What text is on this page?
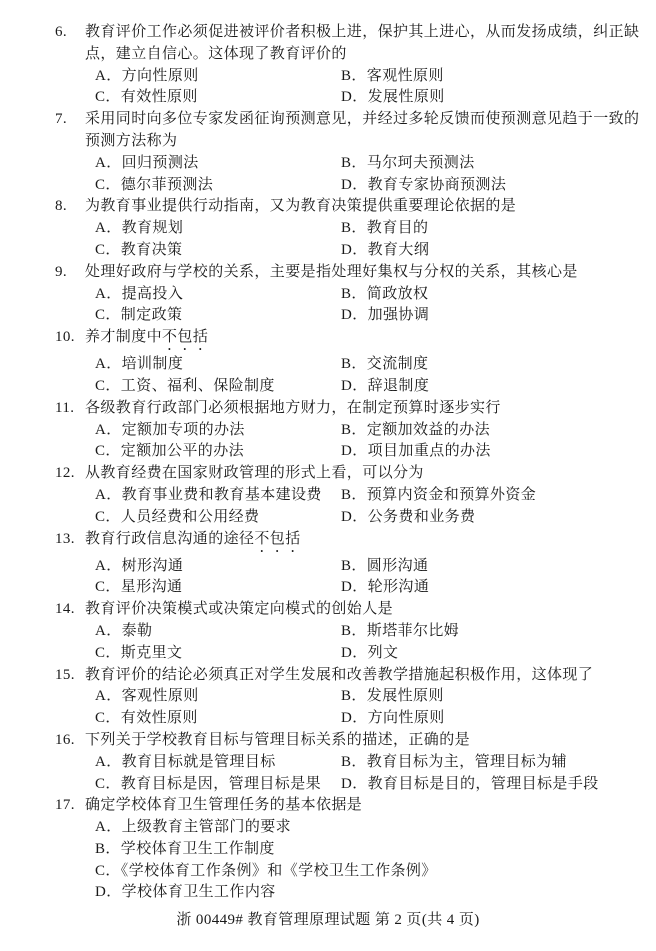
6.	教育评价工作必须促进被评价者积极上进，保护其上进心，从而发扬成绩，纠正缺点，建立自信心。这体现了教育评价的
A．方向性原则	B．客观性原则
C．有效性原则	D．发展性原则
7.	采用同时向多位专家发函征询预测意见，并经过多轮反馈而使预测意见趋于一致的预测方法称为
A．回归预测法	B．马尔珂夫预测法
C．德尔菲预测法	D．教育专家协商预测法
8.	为教育事业提供行动指南，又为教育决策提供重要理论依据的是
A．教育规划	B．教育目的
C．教育决策	D．教育大纲
9.	处理好政府与学校的关系，主要是指处理好集权与分权的关系，其核心是
A．提高投入	B．简政放权
C．制定政策	D．加强协调
10. 养才制度中不包括
A．培训制度	B．交流制度
C．工资、福利、保险制度	D．辞退制度
11. 各级教育行政部门必须根据地方财力，在制定预算时逐步实行
A．定额加专项的办法	B．定额加效益的办法
C．定额加公平的办法	D．项目加重点的办法
12. 从教育经费在国家财政管理的形式上看，可以分为
A．教育事业费和教育基本建设费	B．预算内资金和预算外资金
C．人员经费和公用经费	D．公务费和业务费
13. 教育行政信息沟通的途径不包括
A．树形沟通	B．圆形沟通
C．星形沟通	D．轮形沟通
14. 教育评价决策模式或决策定向模式的创始人是
A．泰勒	B．斯塔菲尔比姆
C．斯克里文	D．列文
15. 教育评价的结论必须真正对学生发展和改善教学措施起积极作用，这体现了
A．客观性原则	B．发展性原则
C．有效性原则	D．方向性原则
16. 下列关于学校教育目标与管理目标关系的描述，正确的是
A．教育目标就是管理目标	B．教育目标为主，管理目标为辅
C．教育目标是因，管理目标是果	D．教育目标是目的，管理目标是手段
17. 确定学校体育卫生管理任务的基本依据是
A．上级教育主管部门的要求
B．学校体育卫生工作制度
C．《学校体育工作条例》和《学校卫生工作条例》
D．学校体育卫生工作内容
浙 00449# 教育管理原理试题 第 2 页(共 4 页)
